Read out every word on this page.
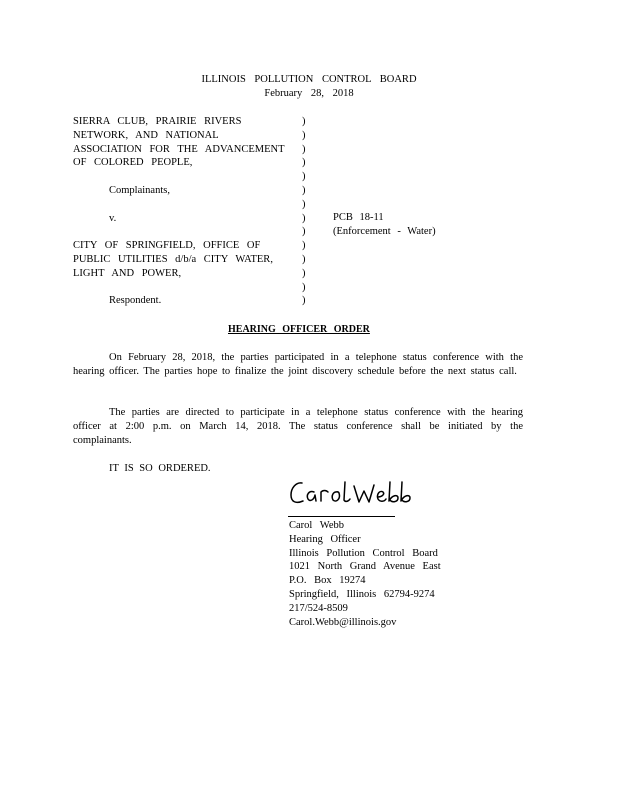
ILLINOIS POLLUTION CONTROL BOARD
February 28, 2018
SIERRA CLUB, PRAIRIE RIVERS
NETWORK, AND NATIONAL
ASSOCIATION FOR THE ADVANCEMENT
OF COLORED PEOPLE,
Complainants,
v.
CITY OF SPRINGFIELD, OFFICE OF
PUBLIC UTILITIES d/b/a CITY WATER,
LIGHT AND POWER,
Respondent.
)
)
)
)
)
)
)
)
)
)
)
)
)
)
PCB 18-11
(Enforcement - Water)
HEARING OFFICER ORDER
On February 28, 2018, the parties participated in a telephone status conference with the hearing officer. The parties hope to finalize the joint discovery schedule before the next status call.
The parties are directed to participate in a telephone status conference with the hearing officer at 2:00 p.m. on March 14, 2018. The status conference shall be initiated by the complainants.
IT IS SO ORDERED.
Carol Webb
Hearing Officer
Illinois Pollution Control Board
1021 North Grand Avenue East
P.O. Box 19274
Springfield, Illinois 62794-9274
217/524-8509
Carol.Webb@illinois.gov
